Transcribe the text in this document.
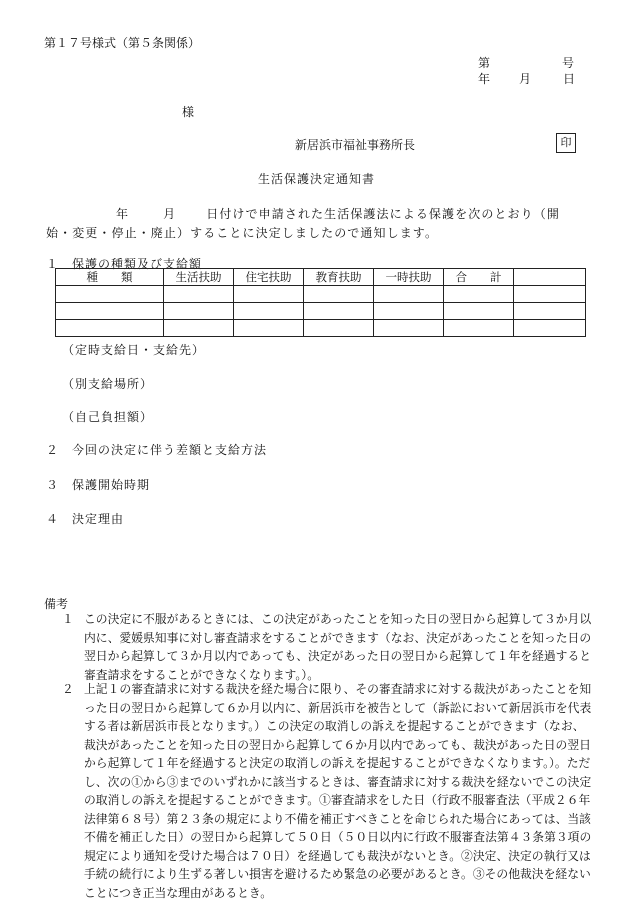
第１７号様式（第５条関係）
第	号
年 月	日
様
新居浜市福祉事務所長	印
生活保護決定通知書
年	月	日付けで申請された生活保護法による保護を次のとおり（開始・変更・停止・廃止）することに決定しましたので通知します。
１　保護の種類及び支給額
種　　類	生活扶助	住宅扶助	教育扶助	一時扶助	合　　計	

（定時支給日・支給先）
（別支給場所）
（自己負担額）
２　今回の決定に伴う差額と支給方法
３　保護開始時期
４　決定理由
備考
１ この決定に不服があるときには、この決定があったことを知った日の翌日から起算して３か月以内に、愛媛県知事に対し審査請求をすることができます（なお、決定があったことを知った日の翌日から起算して３か月以内であっても、決定があった日の翌日から起算して１年を経過すると審査請求をすることができなくなります。）。
２ 上記１の審査請求に対する裁決を経た場合に限り、その審査請求に対する裁決があったことを知った日の翌日から起算して６か月以内に、新居浜市を被告として（訴訟において新居浜市を代表する者は新居浜市長となります。）この決定の取消しの訴えを提起することができます（なお、裁決があったことを知った日の翌日から起算して６か月以内であっても、裁決があった日の翌日から起算して１年を経過すると決定の取消しの訴えを提起することができなくなります。）。ただし、次の①から③までのいずれかに該当するときは、審査請求に対する裁決を経ないでこの決定の取消しの訴えを提起することができます。①審査請求をした日（行政不服審査法（平成２６年法律第６８号）第２３条の規定により不備を補正すべきことを命じられた場合にあっては、当該不備を補正した日）の翌日から起算して５０日（５０日以内に行政不服審査法第４３条第３項の規定により通知を受けた場合は７０日）を経過しても裁決がないとき。②決定、決定の執行又は手続の続行により生ずる著しい損害を避けるため緊急の必要があるとき。③その他裁決を経ないことにつき正当な理由があるとき。
